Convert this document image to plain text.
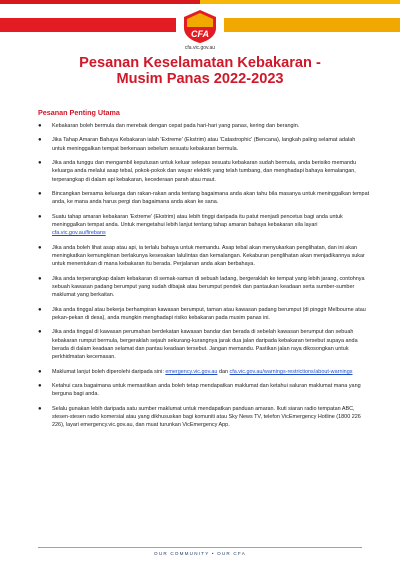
CFA
cfa.vic.gov.au
Pesanan Keselamatan Kebakaran -
Musim Panas 2022-2023
Pesanan Penting Utama
● Kebakaran boleh bermula dan merebak dengan cepat pada hari-hari yang panas, kering dan berangin.
● Jika Tahap Amaran Bahaya Kebakaran ialah 'Extreme' (Ekstrim) atau 'Catastrophic' (Bencana), langkah paling selamat adalah untuk meninggalkan tempat berkenaan sebelum sesuatu kebakaran bermula.
● Jika anda tunggu dan mengambil keputusan untuk keluar selepas sesuatu kebakaran sudah bermula, anda berisiko memandu keluarga anda melalui asap tebal, pokok-pokok dan wayar elektrik yang telah tumbang, dan menghadapi bahaya kemalangan, terperangkap di dalam api kebakaran, kecederaan parah atau maut.
● Bincangkan bersama keluarga dan rakan-rakan anda tentang bagaimana anda akan tahu bila masanya untuk meninggalkan tempat anda, ke mana anda harus pergi dan bagaimana anda akan ke sana.
● Suatu tahap amaran kebakaran 'Extreme' (Ekstrim) atau lebih tinggi daripada itu patut menjadi pencetus bagi anda untuk meninggalkan tempat anda. Untuk mengetahui lebih lanjut tentang tahap amaran bahaya kebakaran sila layari cfa.vic.gov.au/firebans
● Jika anda boleh lihat asap atau api, ia terlalu bahaya untuk memandu. Asap tebal akan menyukarkan penglihatan, dan ini akan meningkatkan kemungkinan berlakunya kesesakan lalulintas dan kemalangan. Kekaburan penglihatan akan menjadikannya sukar untuk menentukan di mana kebakaran itu berada. Perjalanan anda akan berbahaya.
● Jika anda terperangkap dalam kebakaran di semak-samun di sebuah ladang, bergeraklah ke tempat yang lebih jarang, contohnya sebuah kawasan padang berumput yang sudah dibajak atau berumput pendek dan pantaukan keadaan serta sumber-sumber maklumat yang berkaitan.
● Jika anda tinggal atau bekerja berhampiran kawasan berumput, taman atau kawasan padang berumput (di pinggir Melbourne atau pekan-pekan di desa), anda mungkin menghadapi risiko kebakaran pada musim panas ini.
● Jika anda tinggal di kawasan perumahan berdekatan kawasan bandar dan berada di sebelah kawasan berumput dan sebuah kebakaran rumput bermula, bergeraklah sejauh sekurang-kurangnya jarak dua jalan daripada kebakaran tersebut supaya anda berada di dalam keadaan selamat dan pantau keadaan tersebut. Jangan memandu. Pastikan jalan raya dikosongkan untuk perkhidmatan kecemasan.
● Maklumat lanjut boleh diperolehi daripada sini: emergency.vic.gov.au dan cfa.vic.gov.au/warnings-restrictions/about-warnings
● Ketahui cara bagaimana untuk memastikan anda boleh tetap mendapatkan maklumat dan ketahui saluran maklumat mana yang berguna bagi anda.
● Selalu gunakan lebih daripada satu sumber maklumat untuk mendapatkan panduan amaran. Ikuti siaran radio tempatan ABC, stesen-stesen radio komersial atau yang dikhususkan bagi komuniti atau Sky News TV, telefon VicEmergency Hotline (1800 226 226), layari emergency.vic.gov.au, dan muat turunkan VicEmergency App.
OUR COMMUNITY • OUR CFA
